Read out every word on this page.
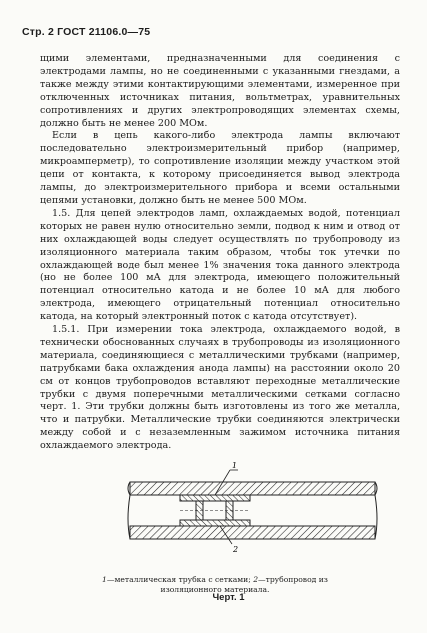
Стр. 2 ГОСТ 21106.0—75

щими элементами, предназначенными для соединения с электродами лампы, но не соединенными с указанными гнездами, а также между этими контактирующими элементами, измеренное при отключенных источниках питания, вольтметрах, уравнительных сопротивлениях и других электропроводящих элементах схемы, должно быть не менее 200 МОм.

Если в цепь какого-либо электрода лампы включают последовательно электроизмерительный прибор (например, микроамперметр), то сопротивление изоляции между участком этой цепи от контакта, к которому присоединяется вывод электрода лампы, до электроизмерительного прибора и всеми остальными цепями установки, должно быть не менее 500 МОм.

1.5. Для цепей электродов ламп, охлаждаемых водой, потенциал которых не равен нулю относительно земли, подвод к ним и отвод от них охлаждающей воды следует осуществлять по трубопроводу из изоляционного материала таким образом, чтобы ток утечки по охлаждающей воде был менее 1% значения тока данного электрода (но не более 100 мА для электрода, имеющего положительный потенциал относительно катода и не более 10 мА для любого электрода, имеющего отрицательный потенциал относительно катода, на который электронный поток с катода отсутствует).

1.5.1. При измерении тока электрода, охлаждаемого водой, в технически обоснованных случаях в трубопроводы из изоляционного материала, соединяющиеся с металлическими трубками (например, патрубками бака охлаждения анода лампы) на расстоянии около 20 см от концов трубопроводов вставляют переходные металлические трубки с двумя поперечными металлическими сетками согласно черт. 1. Эти трубки должны быть изготовлены из того же металла, что и патрубки. Металлические трубки соединяются электрически между собой и с незаземленным зажимом источника питания охлаждаемого электрода.

1
2
1—металлическая трубка с сетками; 2—трубопровод из изоляционного материала.
Черт. 1
